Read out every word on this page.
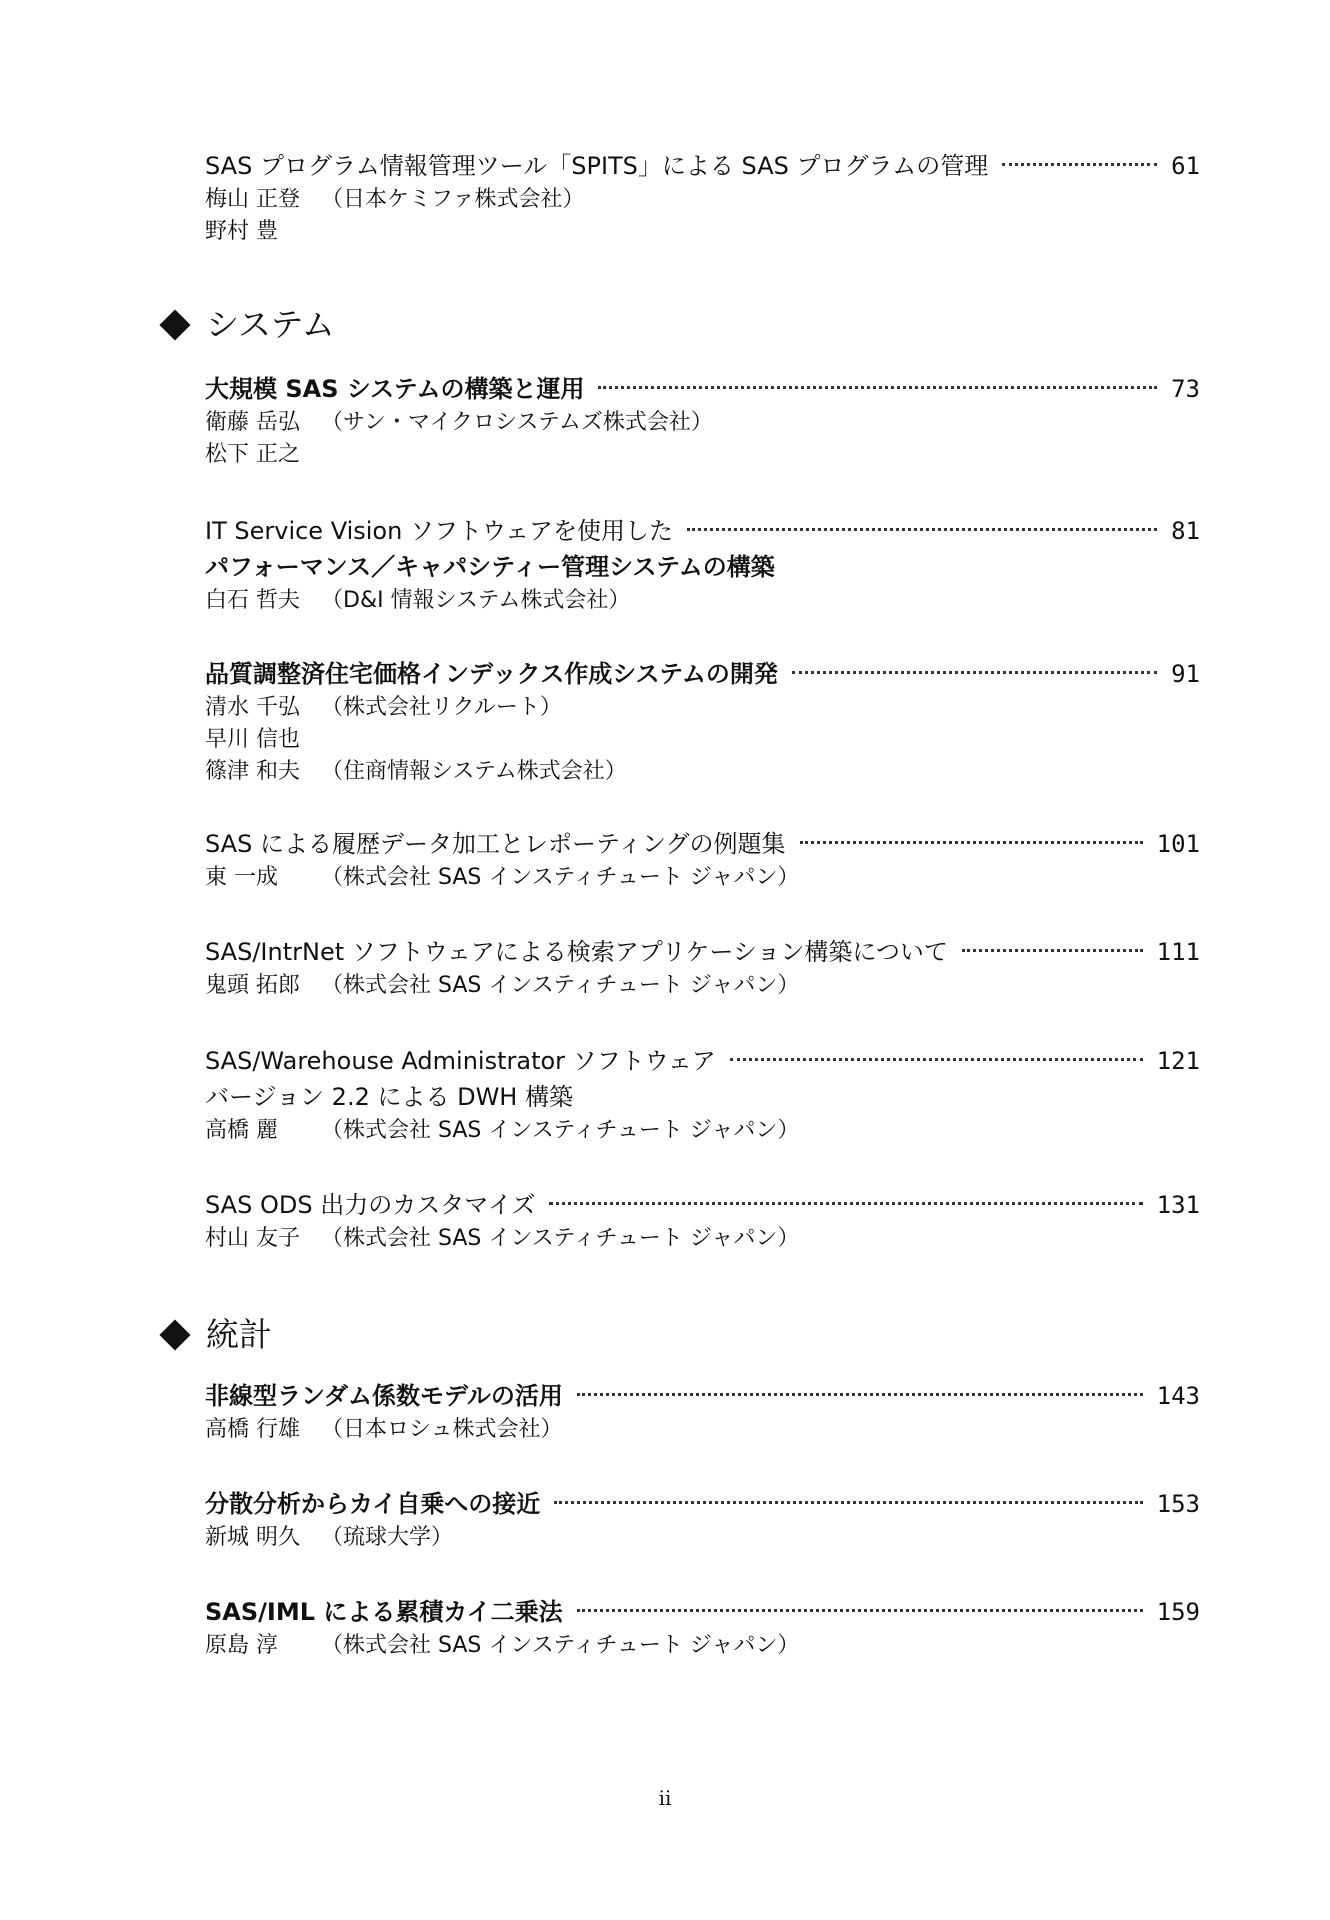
SAS プログラム情報管理ツール「SPITS」による SAS プログラムの管理	61
梅山 正登 （日本ケミファ株式会社）
野村 豊
システム
大規模 SAS システムの構築と運用	73
衛藤 岳弘 （サン・マイクロシステムズ株式会社）
松下 正之
IT Service Vision ソフトウェアを使用した	81
パフォーマンス／キャパシティー管理システムの構築
白石 哲夫 （D&I 情報システム株式会社）
品質調整済住宅価格インデックス作成システムの開発	91
清水 千弘 （株式会社リクルート）
早川 信也
篠津 和夫 （住商情報システム株式会社）
SAS による履歴データ加工とレポーティングの例題集	101
東 一成 （株式会社 SAS インスティチュート ジャパン）
SAS/IntrNet ソフトウェアによる検索アプリケーション構築について	111
鬼頭 拓郎 （株式会社 SAS インスティチュート ジャパン）
SAS/Warehouse Administrator ソフトウェア	121
バージョン 2.2 による DWH 構築
高橋 麗 （株式会社 SAS インスティチュート ジャパン）
SAS ODS 出力のカスタマイズ	131
村山 友子 （株式会社 SAS インスティチュート ジャパン）
統計
非線型ランダム係数モデルの活用	143
高橋 行雄 （日本ロシュ株式会社）
分散分析からカイ自乗への接近	153
新城 明久 （琉球大学）
SAS/IML による累積カイ二乗法	159
原島 淳 （株式会社 SAS インスティチュート ジャパン）
ii
